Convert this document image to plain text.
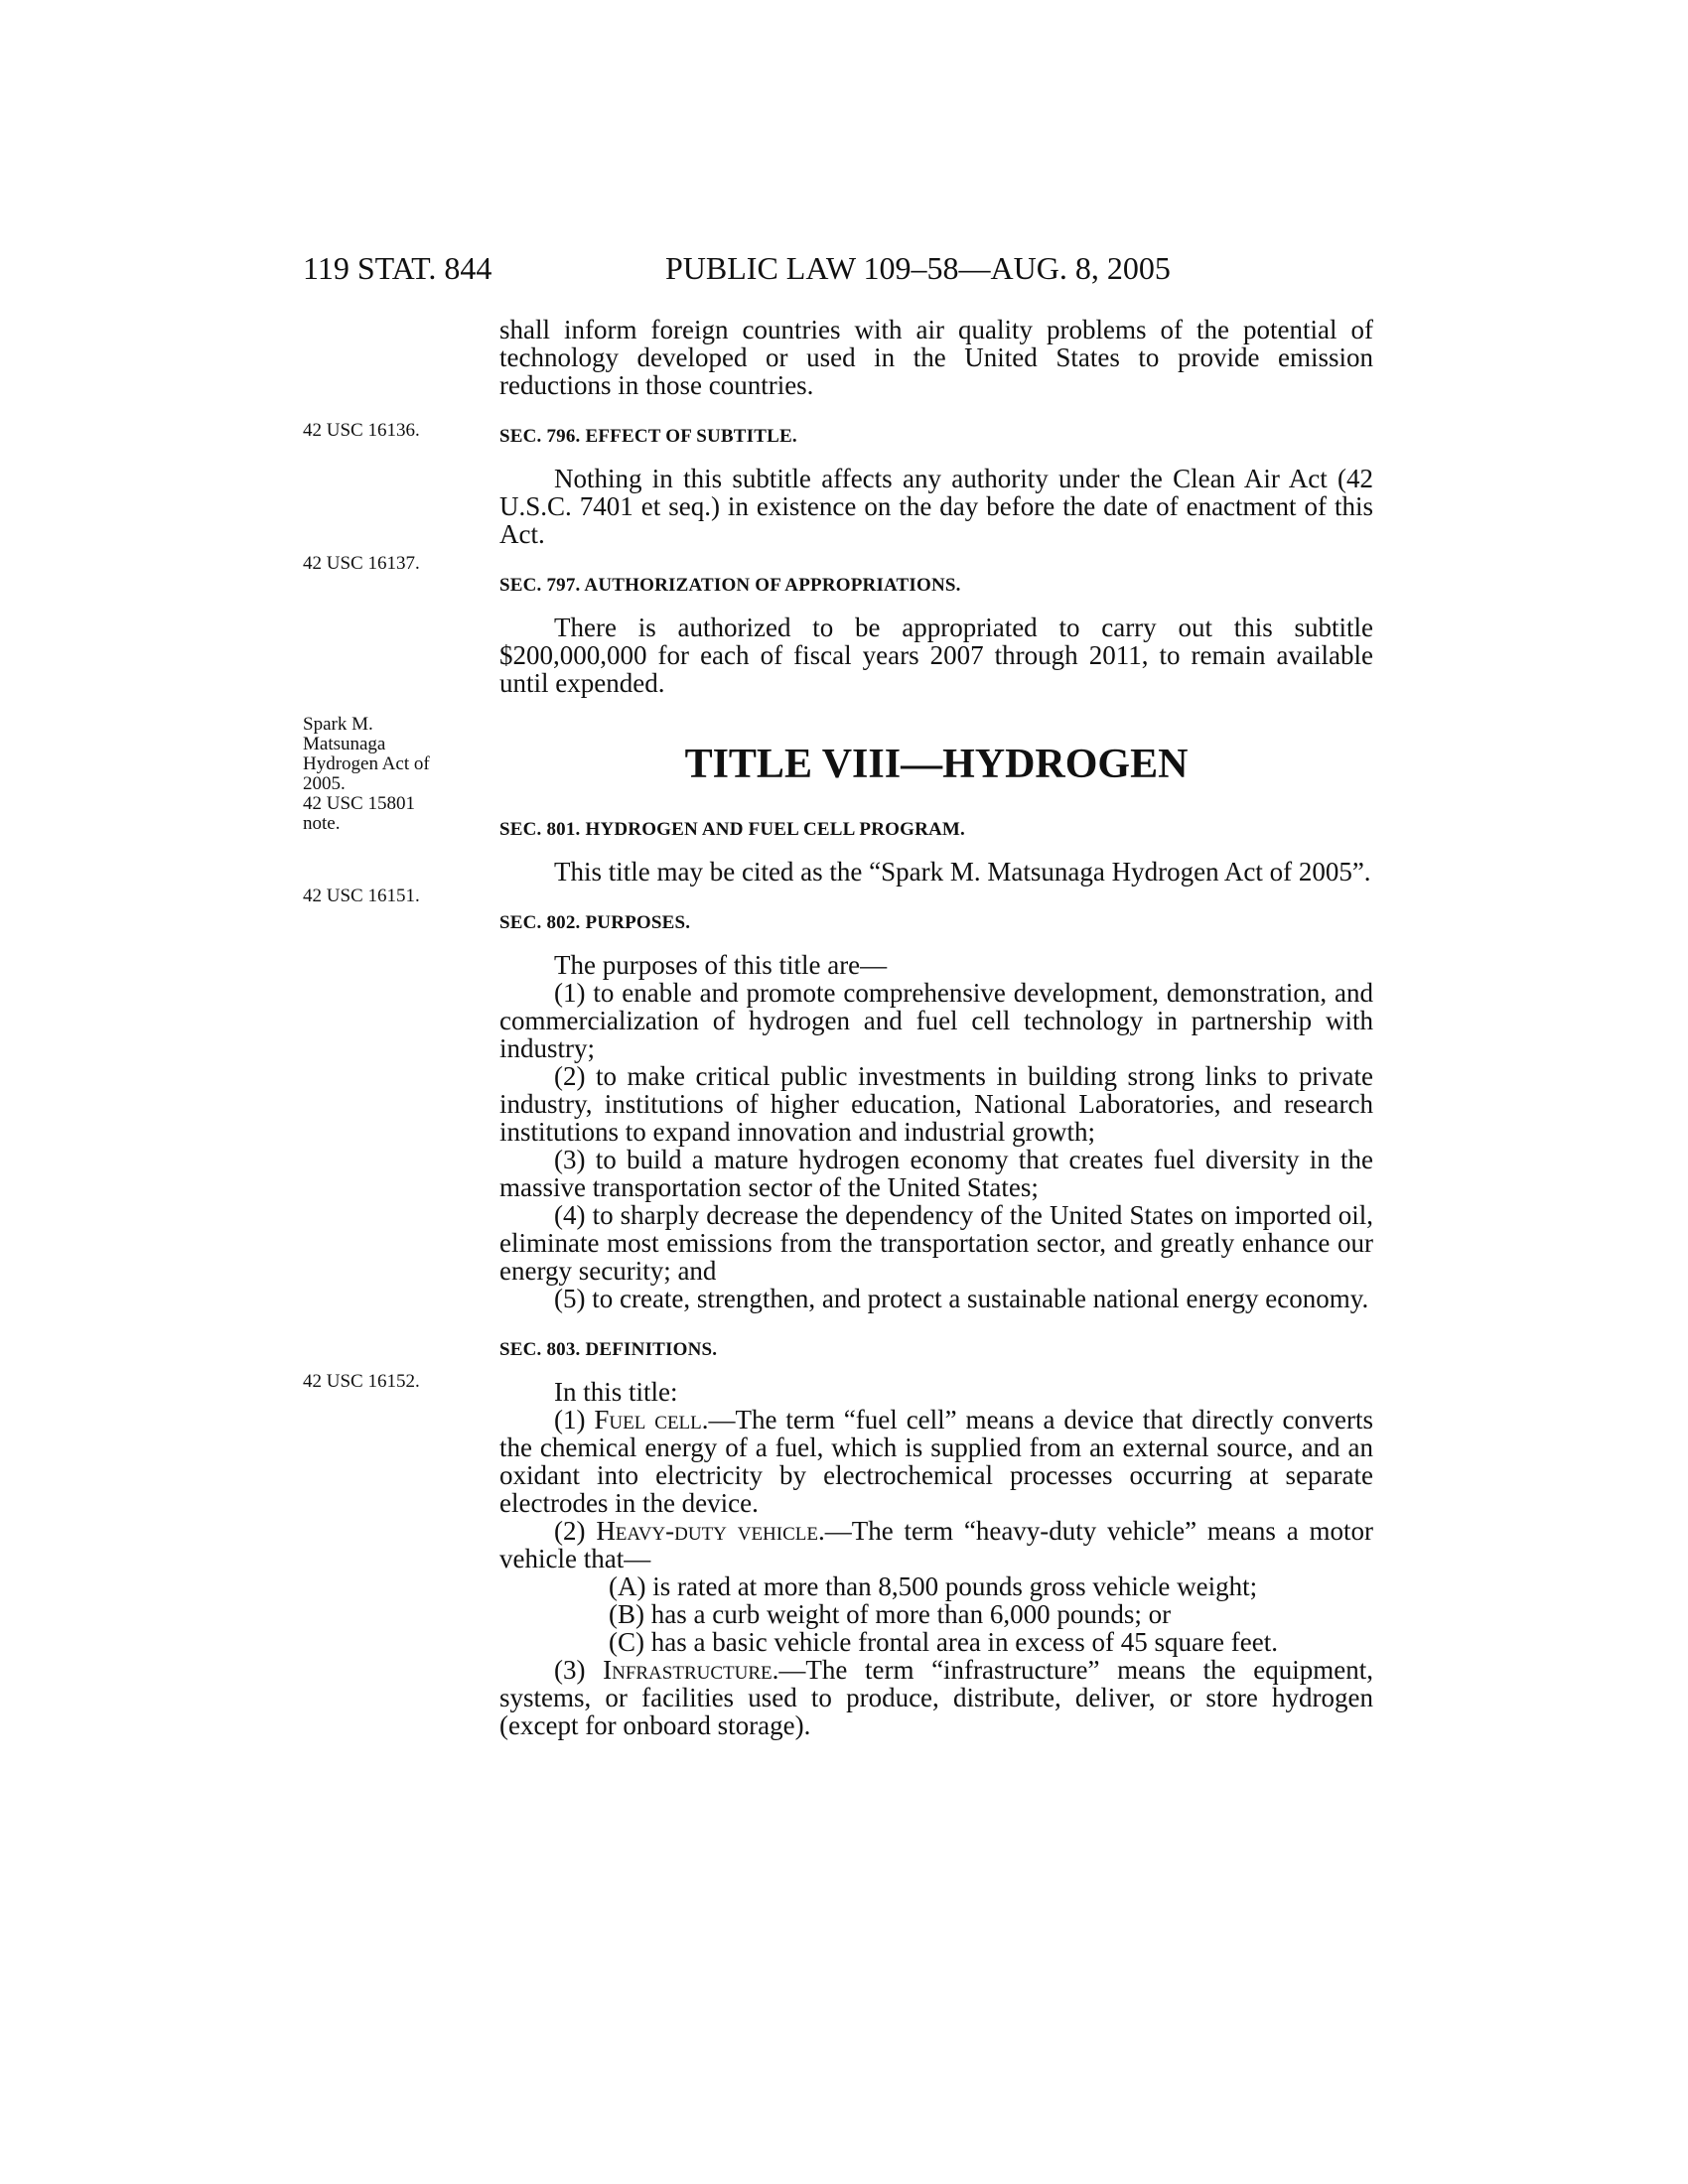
119 STAT. 844	PUBLIC LAW 109–58—AUG. 8, 2005
42 USC 16136.
42 USC 16137.
Spark M.
Matsunaga
Hydrogen Act of
2005.
42 USC 15801
note.
42 USC 16151.
42 USC 16152.

shall inform foreign countries with air quality problems of the potential of technology developed or used in the United States to provide emission reductions in those countries.

SEC. 796. EFFECT OF SUBTITLE.

Nothing in this subtitle affects any authority under the Clean Air Act (42 U.S.C. 7401 et seq.) in existence on the day before the date of enactment of this Act.

SEC. 797. AUTHORIZATION OF APPROPRIATIONS.

There is authorized to be appropriated to carry out this subtitle $200,000,000 for each of fiscal years 2007 through 2011, to remain available until expended.

TITLE VIII—HYDROGEN

SEC. 801. HYDROGEN AND FUEL CELL PROGRAM.

This title may be cited as the “Spark M. Matsunaga Hydrogen Act of 2005”.

SEC. 802. PURPOSES.

The purposes of this title are—

(1) to enable and promote comprehensive development, demonstration, and commercialization of hydrogen and fuel cell technology in partnership with industry;

(2) to make critical public investments in building strong links to private industry, institutions of higher education, National Laboratories, and research institutions to expand innovation and industrial growth;

(3) to build a mature hydrogen economy that creates fuel diversity in the massive transportation sector of the United States;

(4) to sharply decrease the dependency of the United States on imported oil, eliminate most emissions from the transportation sector, and greatly enhance our energy security; and

(5) to create, strengthen, and protect a sustainable national energy economy.

SEC. 803. DEFINITIONS.

In this title:

(1) Fuel cell.—The term “fuel cell” means a device that directly converts the chemical energy of a fuel, which is supplied from an external source, and an oxidant into electricity by electrochemical processes occurring at separate electrodes in the device.

(2) Heavy-duty vehicle.—The term “heavy-duty vehicle” means a motor vehicle that—

(A) is rated at more than 8,500 pounds gross vehicle weight;

(B) has a curb weight of more than 6,000 pounds; or

(C) has a basic vehicle frontal area in excess of 45 square feet.

(3) Infrastructure.—The term “infrastructure” means the equipment, systems, or facilities used to produce, distribute, deliver, or store hydrogen (except for onboard storage).
